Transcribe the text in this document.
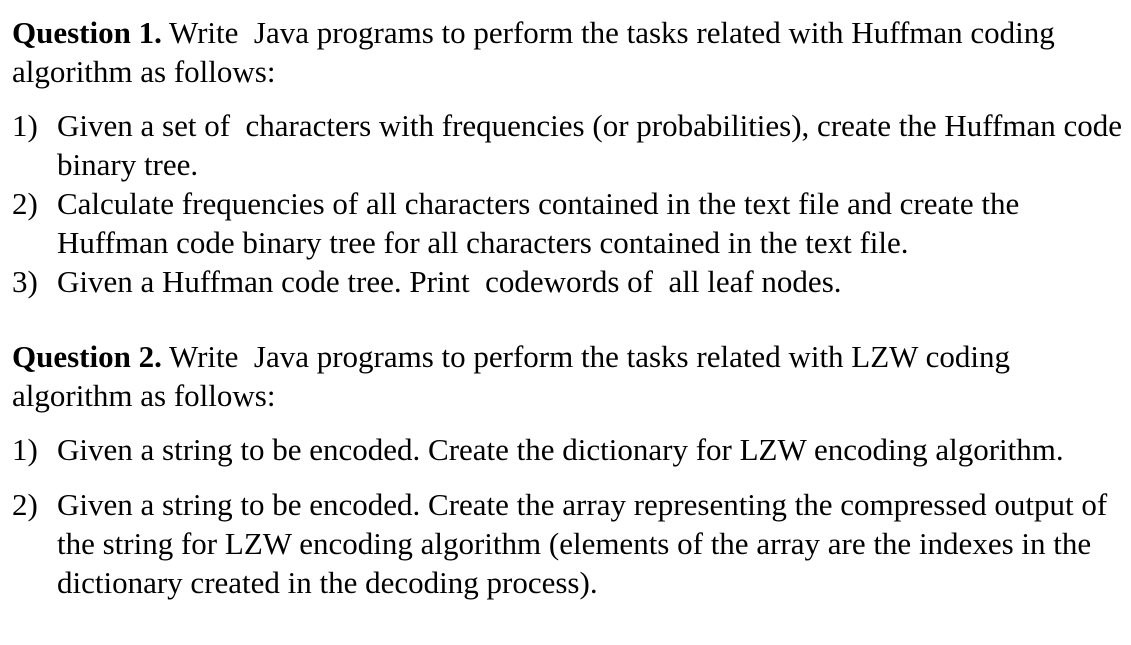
Question 1. Write  Java programs to perform the tasks related with Huffman coding algorithm as follows:

1) Given a set of  characters with frequencies (or probabilities), create the Huffman code binary tree.
2) Calculate frequencies of all characters contained in the text file and create the Huffman code binary tree for all characters contained in the text file.
3) Given a Huffman code tree. Print  codewords of  all leaf nodes.

Question 2. Write  Java programs to perform the tasks related with LZW coding algorithm as follows:

1) Given a string to be encoded. Create the dictionary for LZW encoding algorithm.
2) Given a string to be encoded. Create the array representing the compressed output of the string for LZW encoding algorithm (elements of the array are the indexes in the dictionary created in the decoding process).
